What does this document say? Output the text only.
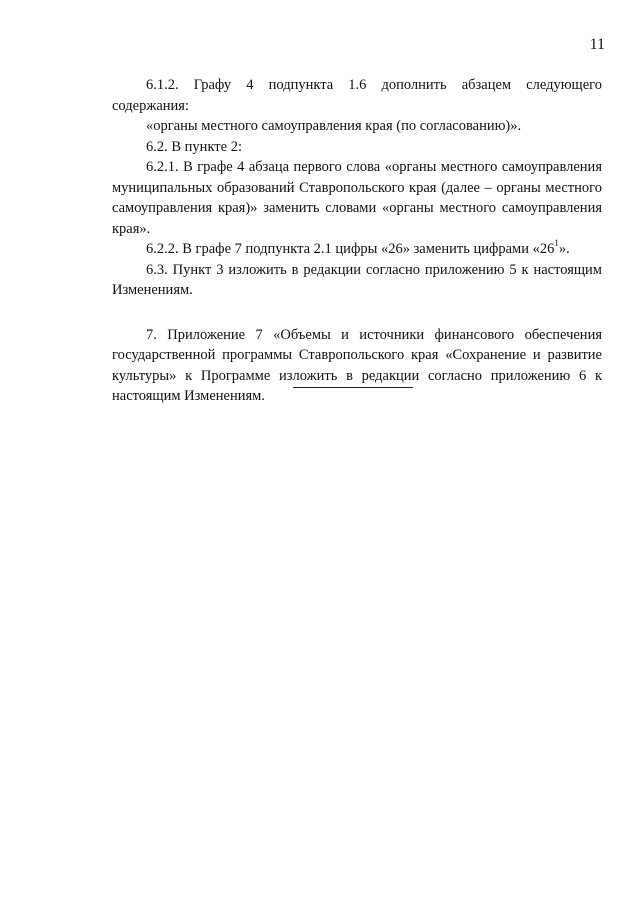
11

6.1.2. Графу 4 подпункта 1.6 дополнить абзацем следующего содержания:

«органы местного самоуправления края (по согласованию)».

6.2. В пункте 2:

6.2.1. В графе 4 абзаца первого слова «органы местного самоуправления муниципальных образований Ставропольского края (далее – органы местного самоуправления края)» заменить словами «органы местного самоуправления края».

6.2.2. В графе 7 подпункта 2.1 цифры «26» заменить цифрами «$26^1$».

6.3. Пункт 3 изложить в редакции согласно приложению 5 к настоящим Изменениям.

7. Приложение 7 «Объемы и источники финансового обеспечения государственной программы Ставропольского края «Сохранение и развитие культуры» к Программе изложить в редакции согласно приложению 6 к настоящим Изменениям.
